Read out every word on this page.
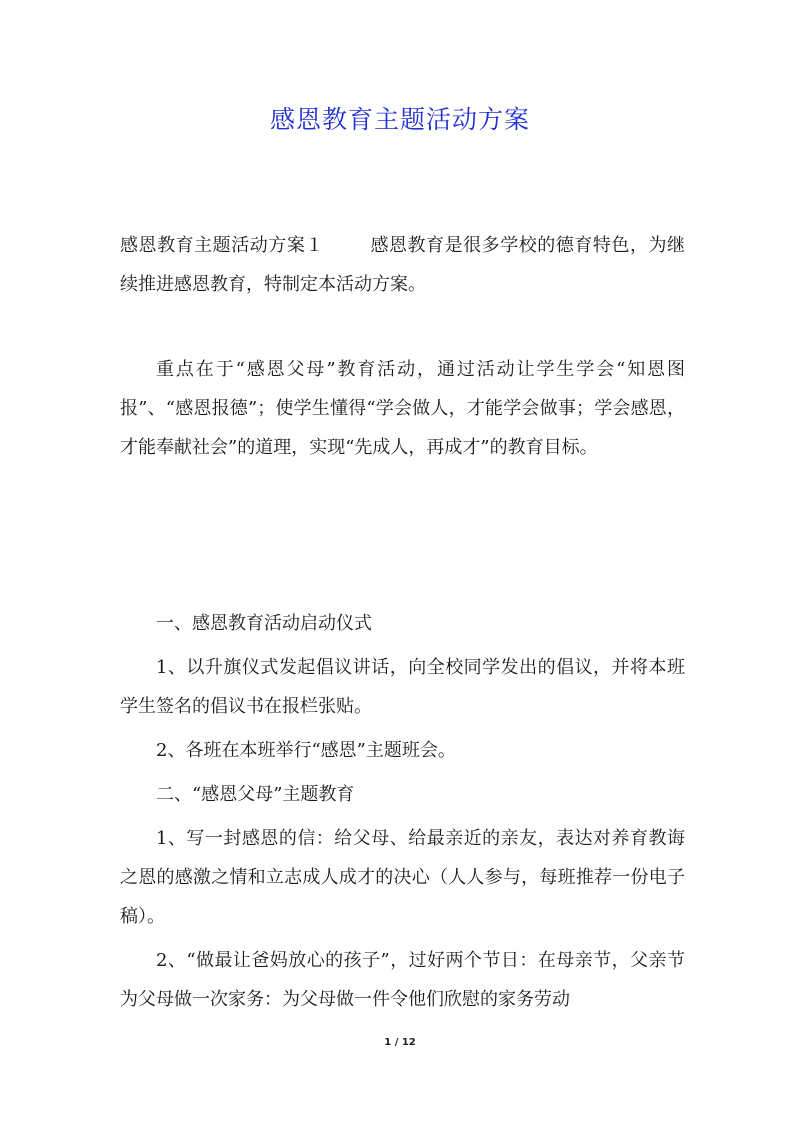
感恩教育主题活动方案

感恩教育主题活动方案１	感恩教育是很多学校的德育特色，为继续推进感恩教育，特制定本活动方案。

重点在于“感恩父母”教育活动，通过活动让学生学会“知恩图报”、“感恩报德”；使学生懂得“学会做人，才能学会做事；学会感恩，才能奉献社会”的道理，实现“先成人，再成才”的教育目标。

一、感恩教育活动启动仪式

1、以升旗仪式发起倡议讲话，向全校同学发出的倡议，并将本班学生签名的倡议书在报栏张贴。

2、各班在本班举行“感恩”主题班会。

二、“感恩父母”主题教育

1、写一封感恩的信：给父母、给最亲近的亲友，表达对养育教诲之恩的感激之情和立志成人成才的决心（人人参与，每班推荐一份电子稿）。

2、“做最让爸妈放心的孩子”，过好两个节日：在母亲节，父亲节为父母做一次家务：为父母做一件令他们欣慰的家务劳动

1 / 12
